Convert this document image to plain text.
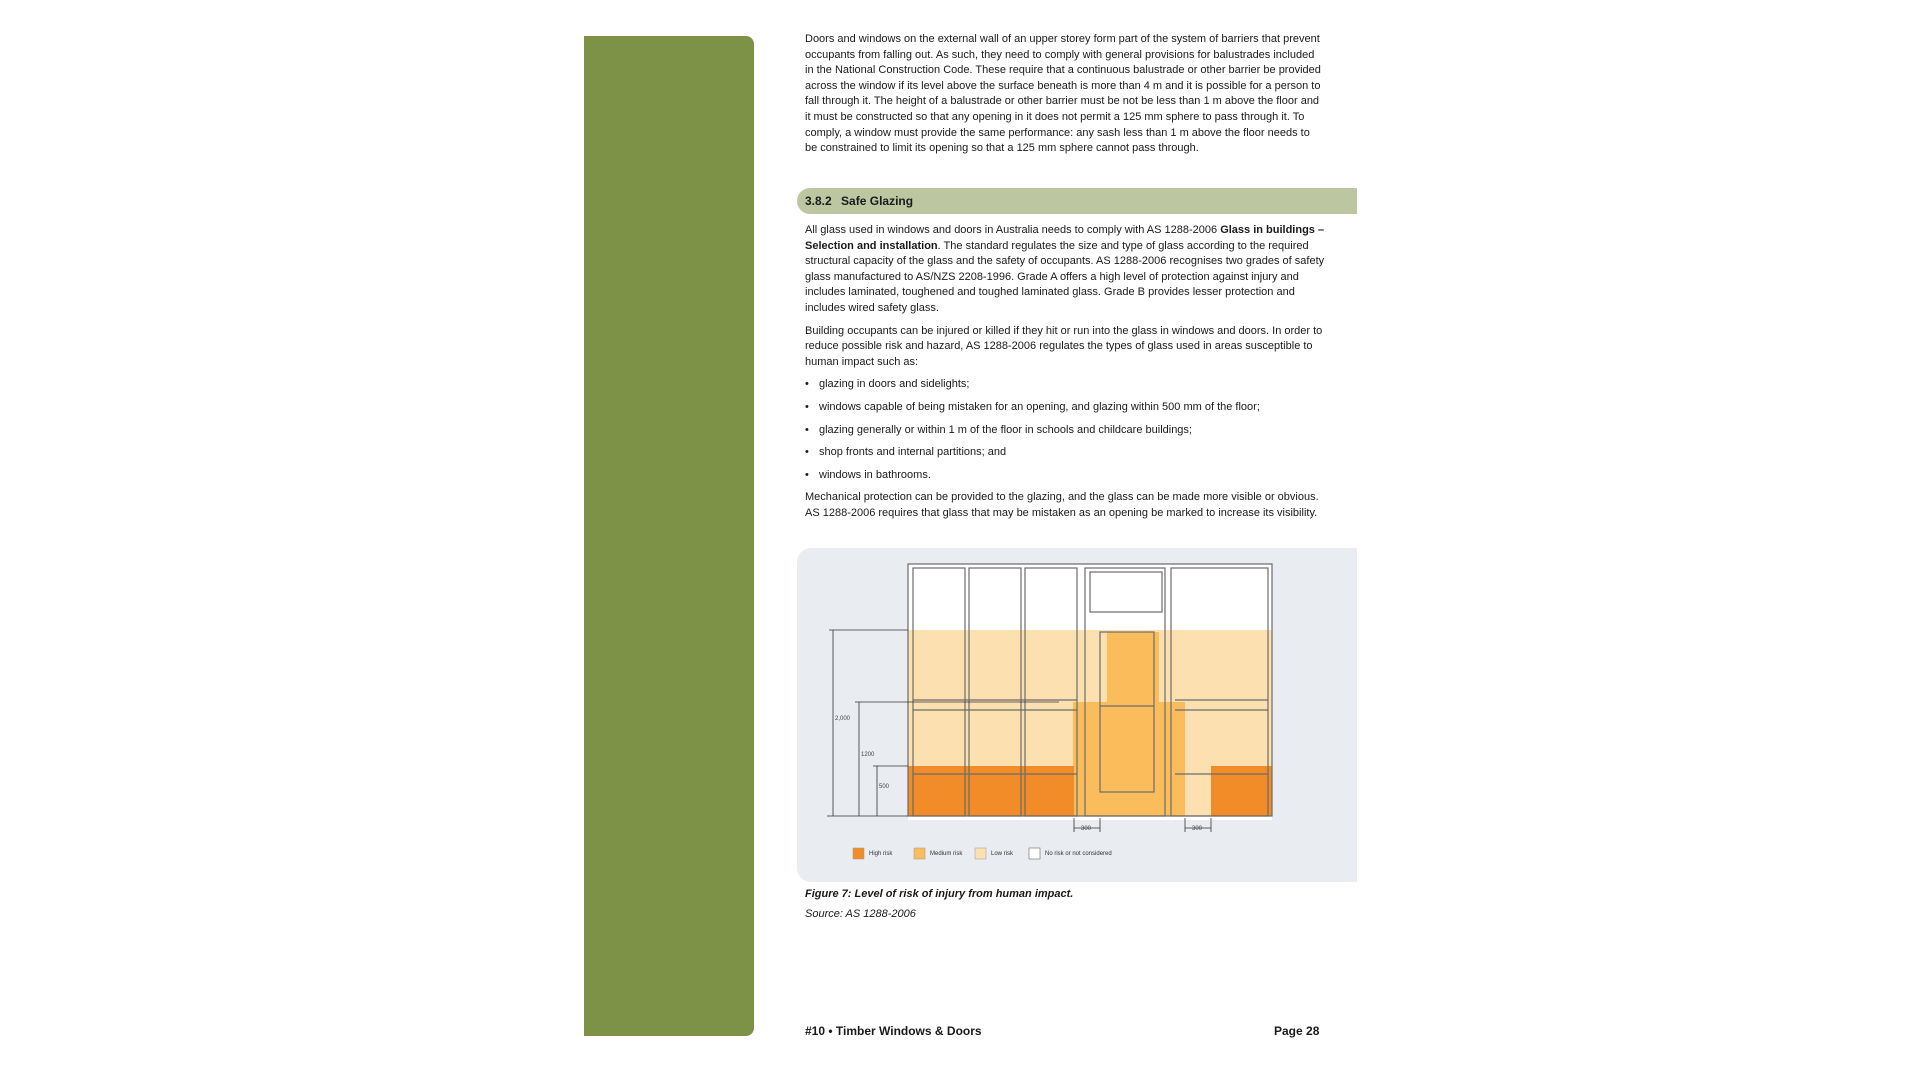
Doors and windows on the external wall of an upper storey form part of the system of barriers that prevent occupants from falling out. As such, they need to comply with general provisions for balustrades included in the National Construction Code. These require that a continuous balustrade or other barrier be provided across the window if its level above the surface beneath is more than 4 m and it is possible for a person to fall through it. The height of a balustrade or other barrier must be not be less than 1 m above the floor and it must be constructed so that any opening in it does not permit a 125 mm sphere to pass through it. To comply, a window must provide the same performance: any sash less than 1 m above the floor needs to be constrained to limit its opening so that a 125 mm sphere cannot pass through.

3.8.2 Safe Glazing

All glass used in windows and doors in Australia needs to comply with AS 1288-2006 Glass in buildings – Selection and installation. The standard regulates the size and type of glass according to the required structural capacity of the glass and the safety of occupants. AS 1288-2006 recognises two grades of safety glass manufactured to AS/NZS 2208-1996. Grade A offers a high level of protection against injury and includes laminated, toughened and toughed laminated glass. Grade B provides lesser protection and includes wired safety glass.

Building occupants can be injured or killed if they hit or run into the glass in windows and doors. In order to reduce possible risk and hazard, AS 1288-2006 regulates the types of glass used in areas susceptible to human impact such as:

• glazing in doors and sidelights;
• windows capable of being mistaken for an opening, and glazing within 500 mm of the floor;
• glazing generally or within 1 m of the floor in schools and childcare buildings;
• shop fronts and internal partitions; and
• windows in bathrooms.

Mechanical protection can be provided to the glazing, and the glass can be made more visible or obvious. AS 1288-2006 requires that glass that may be mistaken as an opening be marked to increase its visibility.

2,000
1200
500
300	300
High risk	Medium risk	Low risk	No risk or not considered
Figure 7: Level of risk of injury from human impact.
Source: AS 1288-2006
#10 • Timber Windows & Doors	Page 28
